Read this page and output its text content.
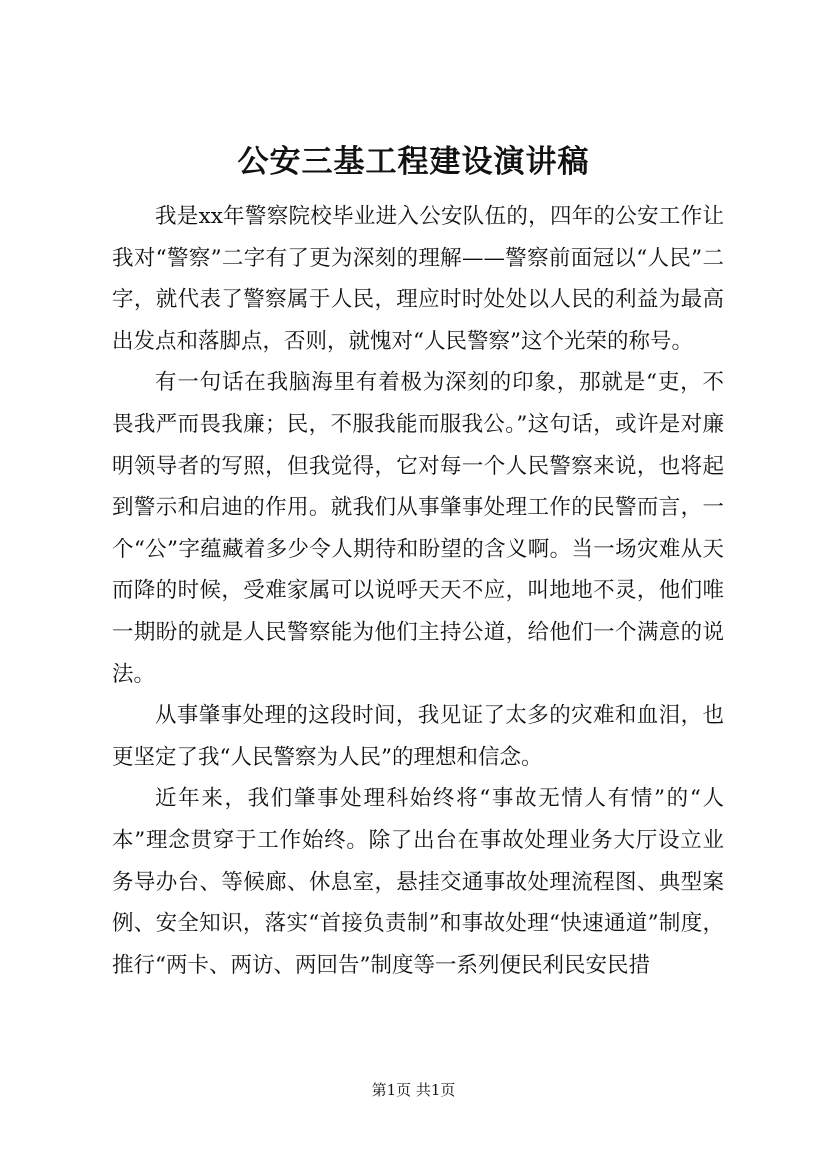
公安三基工程建设演讲稿

我是xx年警察院校毕业进入公安队伍的，四年的公安工作让我对“警察”二字有了更为深刻的理解——警察前面冠以“人民”二字，就代表了警察属于人民，理应时时处处以人民的利益为最高出发点和落脚点，否则，就愧对“人民警察”这个光荣的称号。

有一句话在我脑海里有着极为深刻的印象，那就是“吏，不畏我严而畏我廉；民，不服我能而服我公。”这句话，或许是对廉明领导者的写照，但我觉得，它对每一个人民警察来说，也将起到警示和启迪的作用。就我们从事肇事处理工作的民警而言，一个“公”字蕴藏着多少令人期待和盼望的含义啊。当一场灾难从天而降的时候，受难家属可以说呼天天不应，叫地地不灵，他们唯一期盼的就是人民警察能为他们主持公道，给他们一个满意的说法。

从事肇事处理的这段时间，我见证了太多的灾难和血泪，也更坚定了我“人民警察为人民”的理想和信念。

近年来，我们肇事处理科始终将“事故无情人有情”的“人本”理念贯穿于工作始终。除了出台在事故处理业务大厅设立业务导办台、等候廊、休息室，悬挂交通事故处理流程图、典型案例、安全知识，落实“首接负责制”和事故处理“快速通道”制度，推行“两卡、两访、两回告”制度等一系列便民利民安民措

第1页 共1页
